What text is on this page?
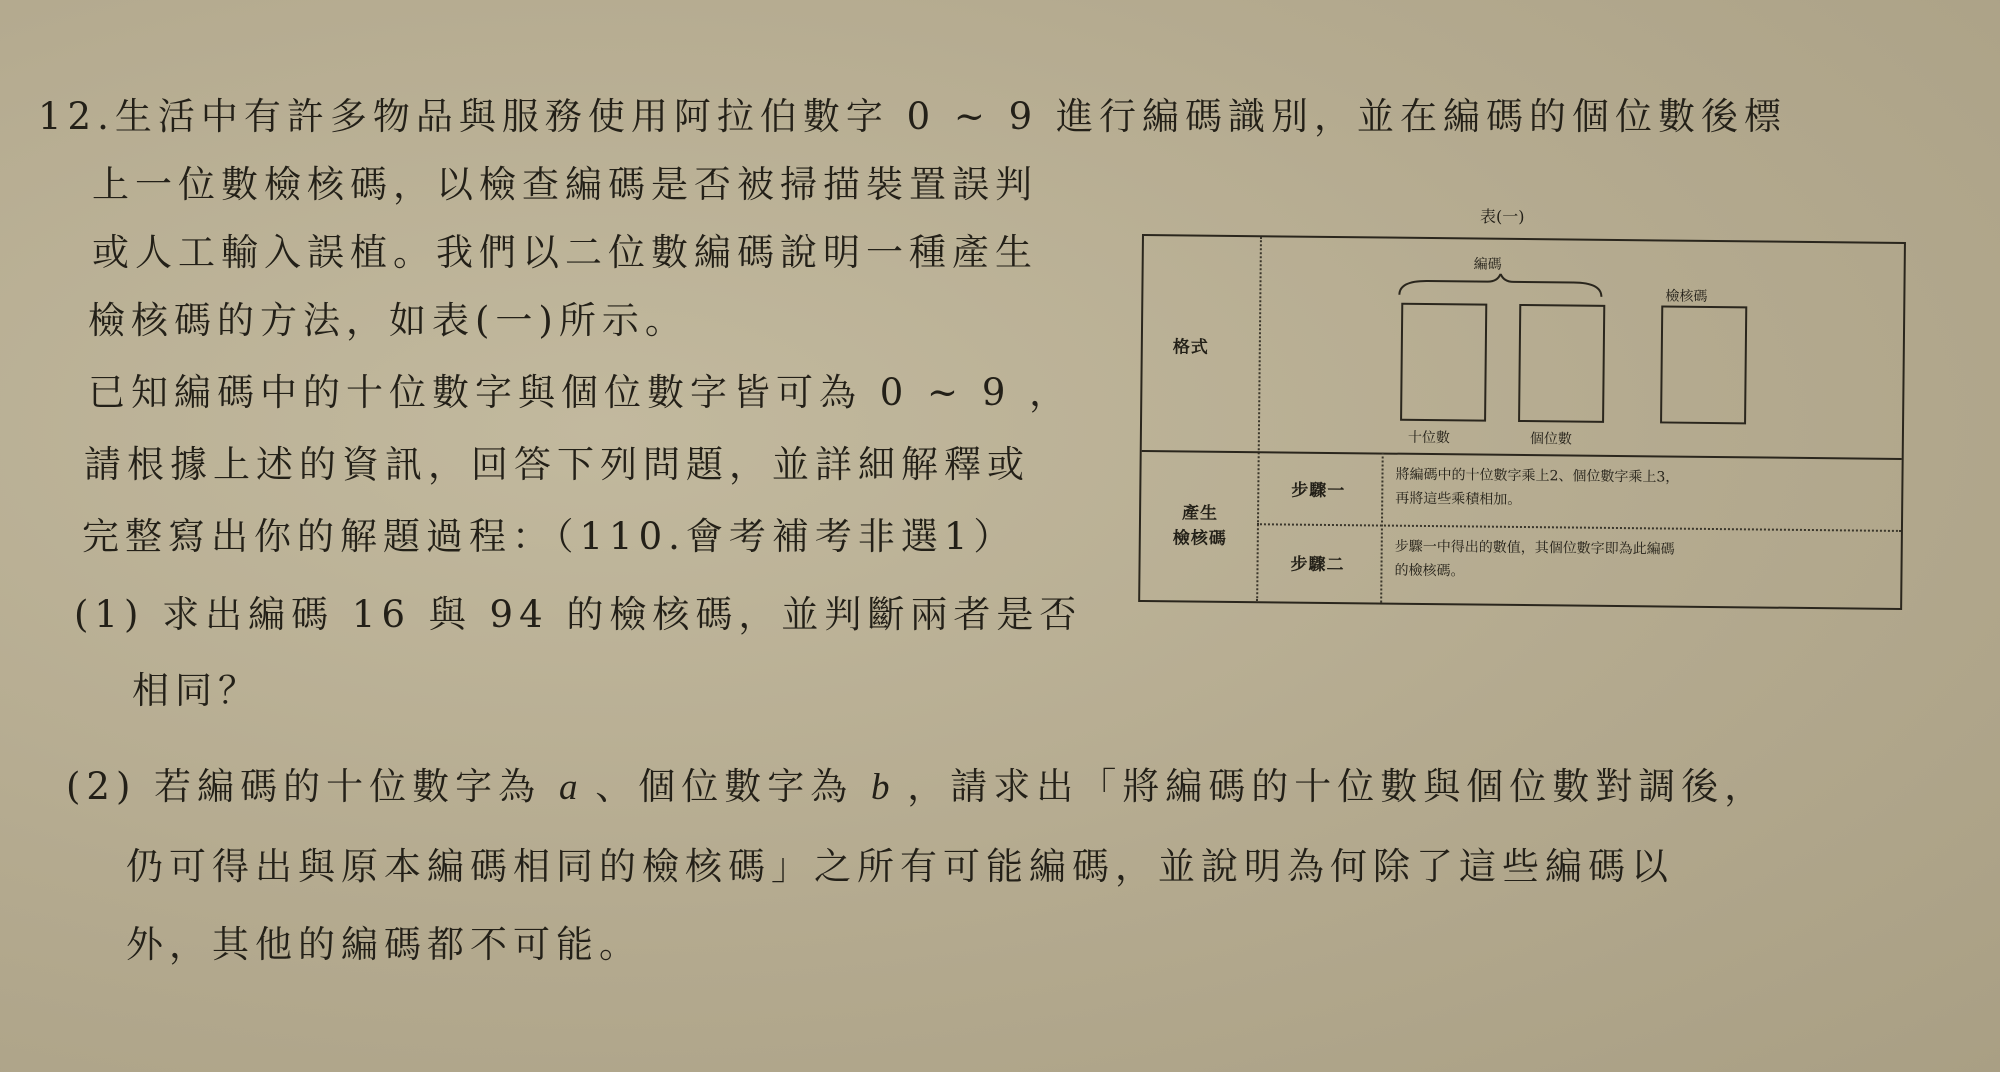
12.生活中有許多物品與服務使用阿拉伯數字 0 ~ 9 進行編碼識別，並在編碼的個位數後標
上一位數檢核碼，以檢查編碼是否被掃描裝置誤判
或人工輸入誤植。我們以二位數編碼說明一種產生
檢核碼的方法，如表(一)所示。
已知編碼中的十位數字與個位數字皆可為 0 ~ 9 ，
請根據上述的資訊，回答下列問題，並詳細解釋或
完整寫出你的解題過程：（110.會考補考非選1）
(1) 求出編碼 16 與 94 的檢核碼，並判斷兩者是否
相同？
(2) 若編碼的十位數字為 a 、個位數字為 b ，請求出「將編碼的十位數與個位數對調後，
仍可得出與原本編碼相同的檢核碼」之所有可能編碼，並說明為何除了這些編碼以
外，其他的編碼都不可能。
表(一)
格式
編碼
檢核碼
十位數	個位數
產生
檢核碼
步驟一
將編碼中的十位數字乘上2、個位數字乘上3，
再將這些乘積相加。
步驟二
步驟一中得出的數值，其個位數字即為此編碼
的檢核碼。
